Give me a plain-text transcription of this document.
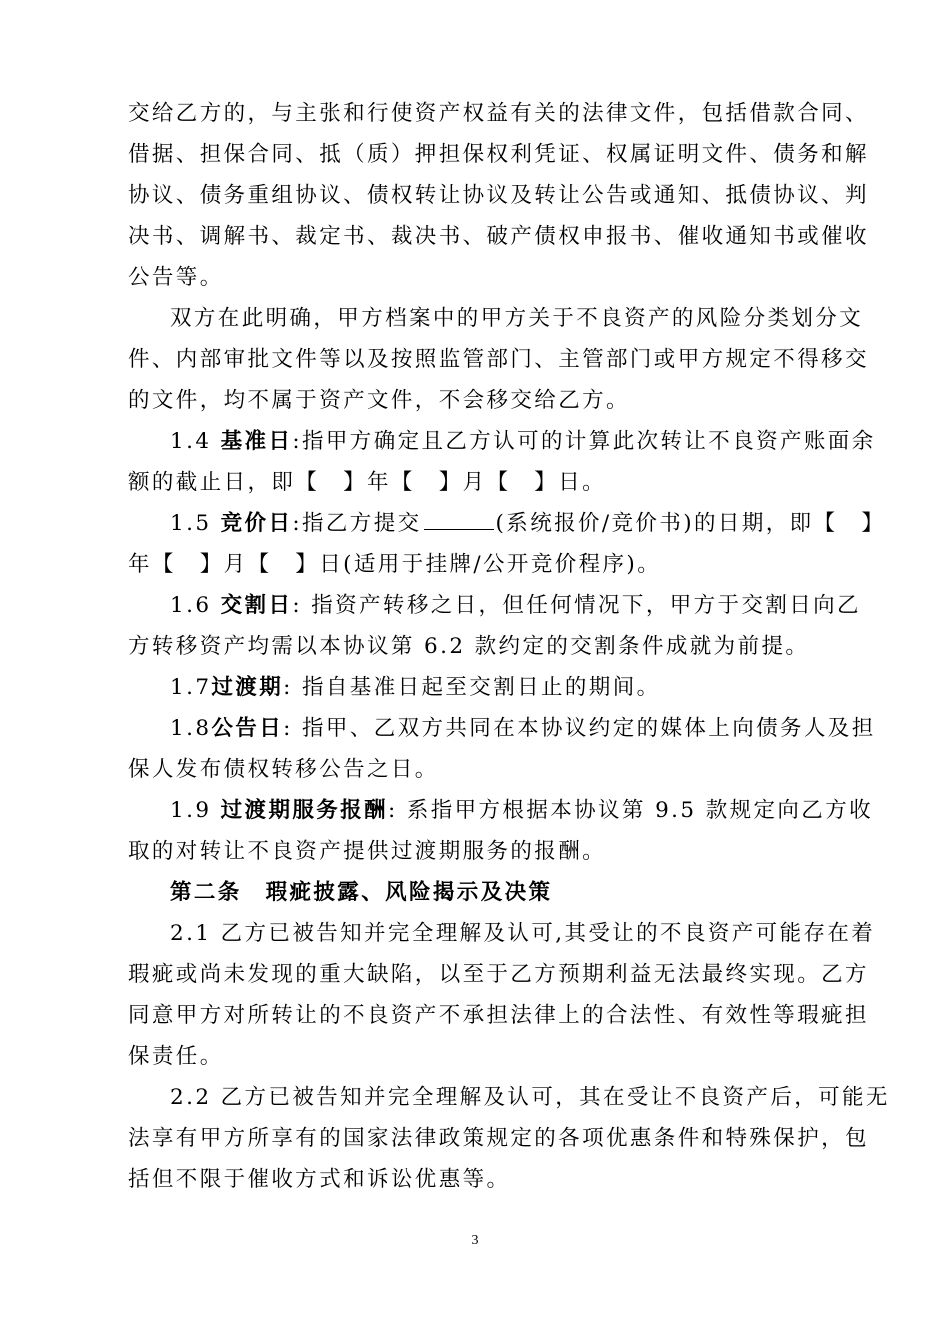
交给乙方的，与主张和行使资产权益有关的法律文件，包括借款合同、
借据、担保合同、抵（质）押担保权利凭证、权属证明文件、债务和解
协议、债务重组协议、债权转让协议及转让公告或通知、抵债协议、判
决书、调解书、裁定书、裁决书、破产债权申报书、催收通知书或催收
公告等。
双方在此明确，甲方档案中的甲方关于不良资产的风险分类划分文
件、内部审批文件等以及按照监管部门、主管部门或甲方规定不得移交
的文件，均不属于资产文件，不会移交给乙方。
1.4 基准日:指甲方确定且乙方认可的计算此次转让不良资产账面余
额的截止日，即【　】年【　】月【　】日。
1.5 竞价日:指乙方提交	(系统报价/竞价书)的日期，即【　】
年【　】月【　】日(适用于挂牌/公开竞价程序)。
1.6 交割日: 指资产转移之日，但任何情况下，甲方于交割日向乙
方转移资产均需以本协议第 6.2 款约定的交割条件成就为前提。
1.7过渡期: 指自基准日起至交割日止的期间。
1.8公告日: 指甲、乙双方共同在本协议约定的媒体上向债务人及担
保人发布债权转移公告之日。
1.9 过渡期服务报酬: 系指甲方根据本协议第 9.5 款规定向乙方收
取的对转让不良资产提供过渡期服务的报酬。
第二条　瑕疵披露、风险揭示及决策
2.1 乙方已被告知并完全理解及认可,其受让的不良资产可能存在着
瑕疵或尚未发现的重大缺陷，以至于乙方预期利益无法最终实现。乙方
同意甲方对所转让的不良资产不承担法律上的合法性、有效性等瑕疵担
保责任。
2.2 乙方已被告知并完全理解及认可，其在受让不良资产后，可能无
法享有甲方所享有的国家法律政策规定的各项优惠条件和特殊保护，包
括但不限于催收方式和诉讼优惠等。
3
